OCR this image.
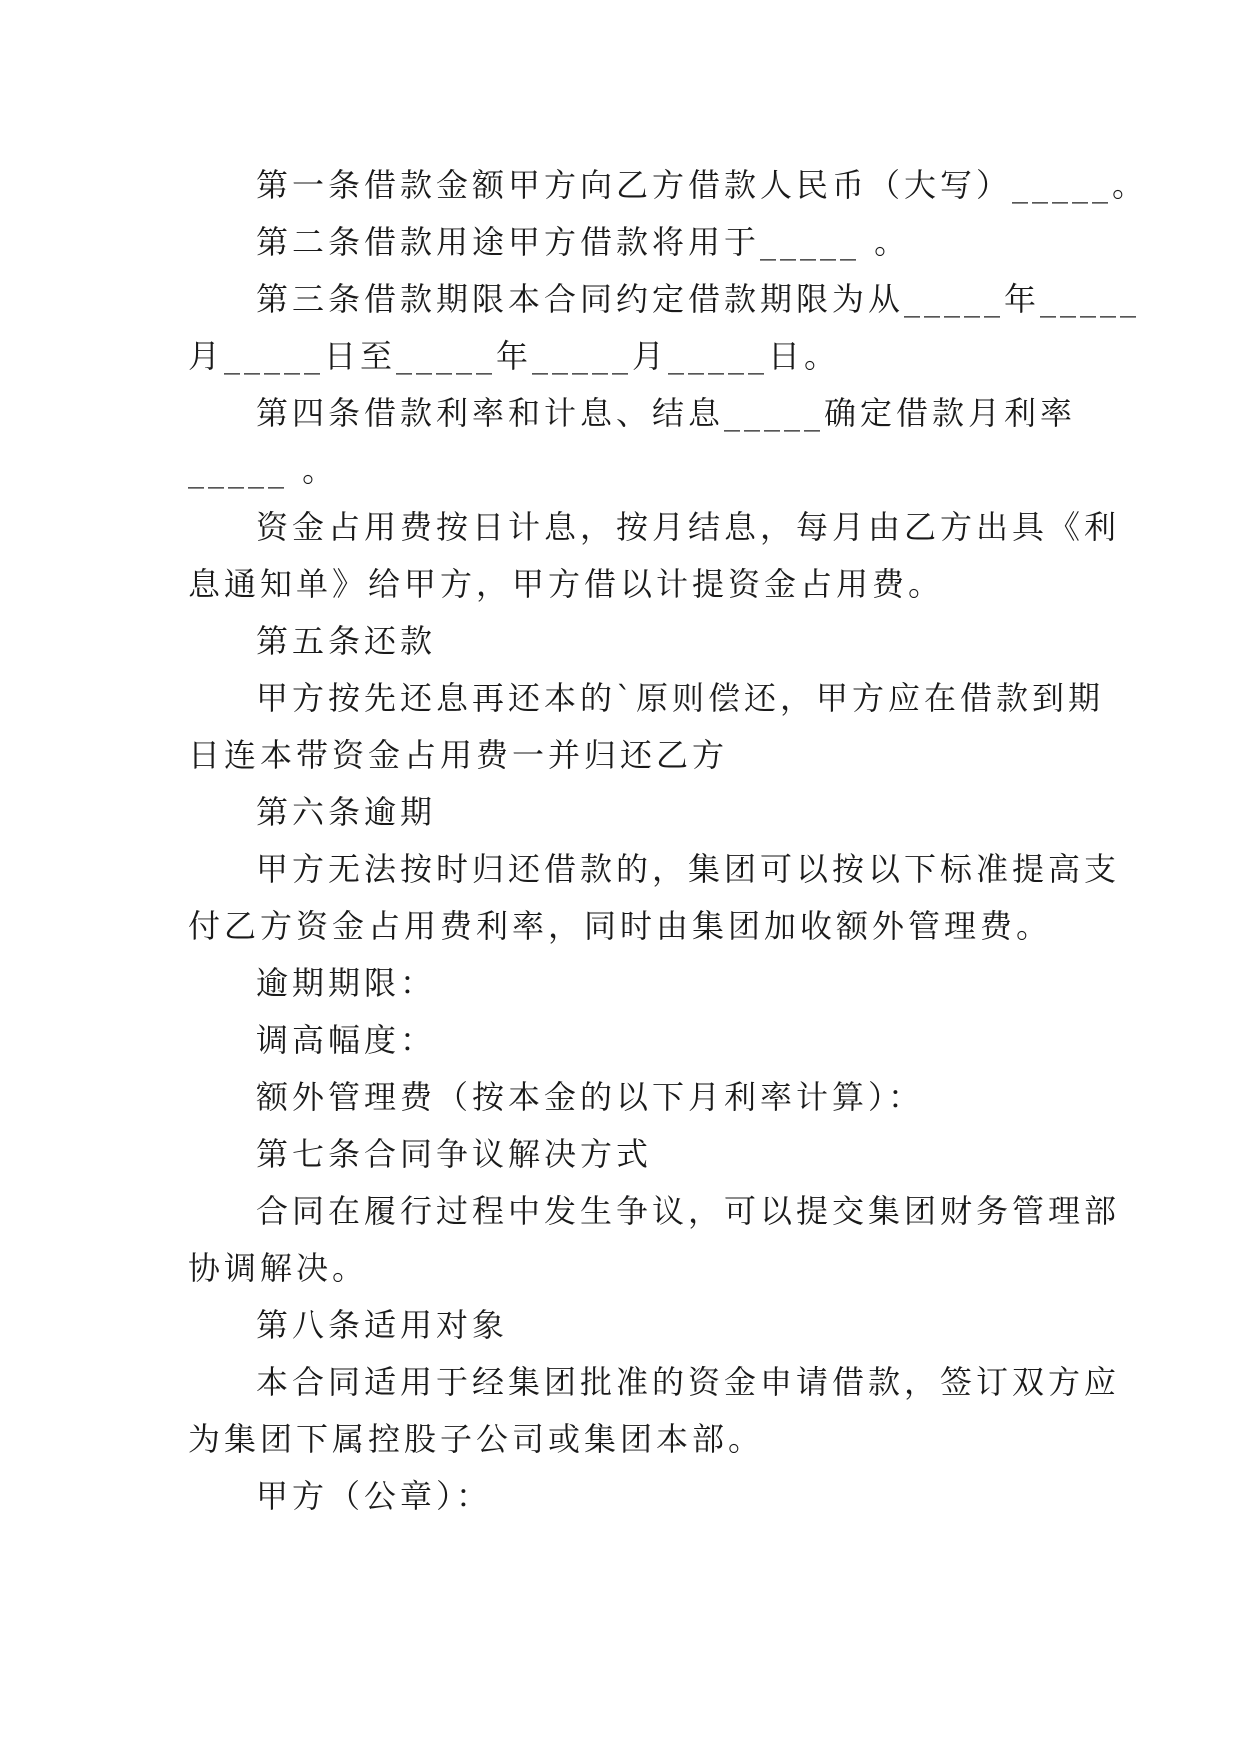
第一条借款金额甲方向乙方借款人民币（大写）_____。
第二条借款用途甲方借款将用于_____ 。
第三条借款期限本合同约定借款期限为从_____年_____
月_____日至_____年_____月_____日。
第四条借款利率和计息、结息_____确定借款月利率
_____ 。
资金占用费按日计息，按月结息，每月由乙方出具《利
息通知单》给甲方，甲方借以计提资金占用费。
第五条还款
甲方按先还息再还本的`原则偿还，甲方应在借款到期
日连本带资金占用费一并归还乙方
第六条逾期
甲方无法按时归还借款的，集团可以按以下标准提高支
付乙方资金占用费利率，同时由集团加收额外管理费。
逾期期限：
调高幅度：
额外管理费（按本金的以下月利率计算）：
第七条合同争议解决方式
合同在履行过程中发生争议，可以提交集团财务管理部
协调解决。
第八条适用对象
本合同适用于经集团批准的资金申请借款，签订双方应
为集团下属控股子公司或集团本部。
甲方（公章）：
